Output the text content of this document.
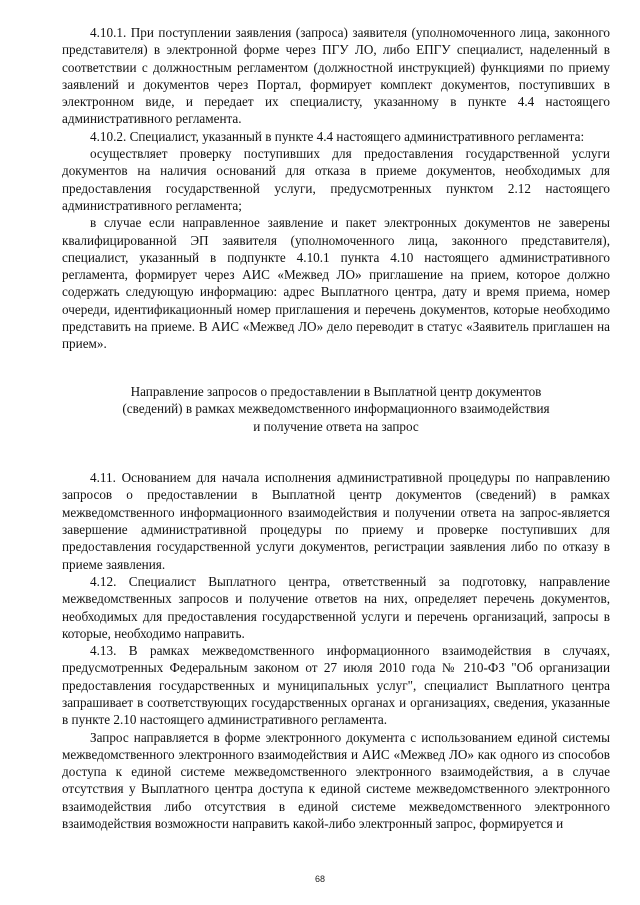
4.10.1. При поступлении заявления (запроса) заявителя (уполномоченного лица, законного представителя) в электронной форме через ПГУ ЛО, либо ЕПГУ специалист, наделенный в соответствии с должностным регламентом (должностной инструкцией) функциями по приему заявлений и документов через Портал, формирует комплект документов, поступивших в электронном виде, и передает их специалисту, указанному в пункте 4.4 настоящего административного регламента.

4.10.2. Специалист, указанный в пункте 4.4 настоящего административного регламента:

осуществляет проверку поступивших для предоставления государственной услуги документов на наличия оснований для отказа в приеме документов, необходимых для предоставления государственной услуги, предусмотренных пунктом 2.12 настоящего административного регламента;

в случае если направленное заявление и пакет электронных документов не заверены квалифицированной ЭП заявителя (уполномоченного лица, законного представителя), специалист, указанный в подпункте 4.10.1 пункта 4.10 настоящего административного регламента, формирует через АИС «Межвед ЛО» приглашение на прием, которое должно содержать следующую информацию: адрес Выплатного центра, дату и время приема, номер очереди, идентификационный номер приглашения и перечень документов, которые необходимо представить на приеме. В АИС «Межвед ЛО» дело переводит в статус «Заявитель приглашен на прием».

Направление запросов о предоставлении в Выплатной центр документов
(сведений) в рамках межведомственного информационного взаимодействия
и получение ответа на запрос

4.11. Основанием для начала исполнения административной процедуры по направлению запросов о предоставлении в Выплатной центр документов (сведений) в рамках межведомственного информационного взаимодействия и получении ответа на запрос-является завершение административной процедуры по приему и проверке поступивших для предоставления государственной услуги документов, регистрации заявления либо по отказу в приеме заявления.

4.12. Специалист Выплатного центра, ответственный за подготовку, направление межведомственных запросов и получение ответов на них, определяет перечень документов, необходимых для предоставления государственной услуги и перечень организаций, запросы в которые, необходимо направить.

4.13. В рамках межведомственного информационного взаимодействия в случаях, предусмотренных Федеральным законом от 27 июля 2010 года № 210-ФЗ "Об организации предоставления государственных и муниципальных услуг", специалист Выплатного центра запрашивает в соответствующих государственных органах и организациях, сведения, указанные в пункте 2.10 настоящего административного регламента.

Запрос направляется в форме электронного документа с использованием единой системы межведомственного электронного взаимодействия и АИС «Межвед ЛО» как одного из способов доступа к единой системе межведомственного электронного взаимодействия, а в случае отсутствия у Выплатного центра доступа к единой системе межведомственного электронного взаимодействия либо отсутствия в единой системе межведомственного электронного взаимодействия возможности направить какой-либо электронный запрос, формируется и

68
